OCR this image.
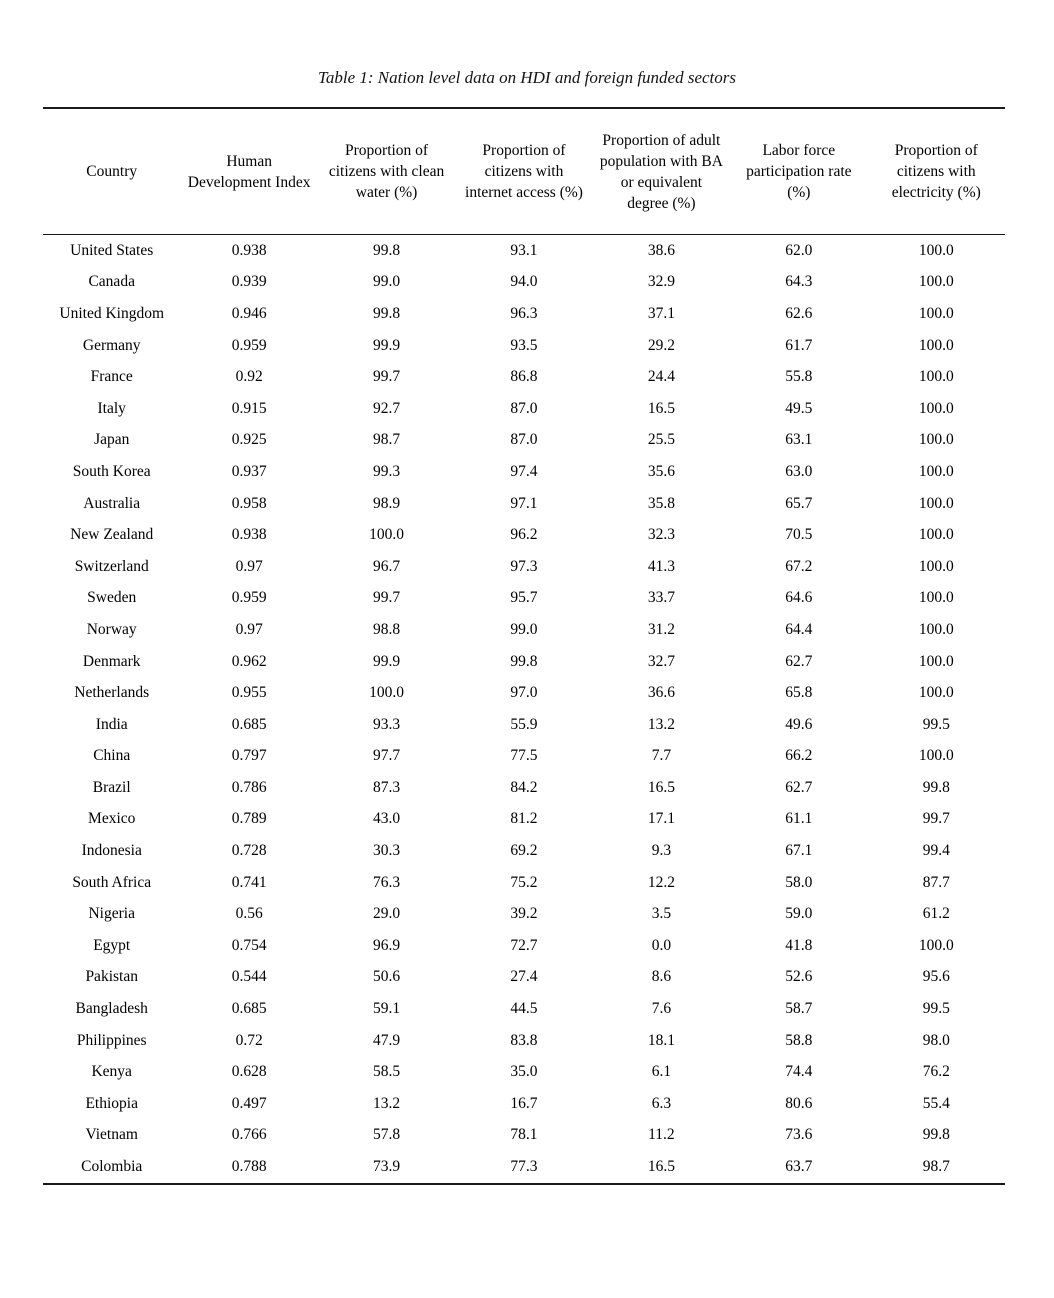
Table 1: Nation level data on HDI and foreign funded sectors
Country	Human Development Index	Proportion of citizens with clean water (%)	Proportion of citizens with internet access (%)	Proportion of adult population with BA or equivalent degree (%)	Labor force participation rate (%)	Proportion of citizens with electricity (%)
United States	0.938	99.8	93.1	38.6	62.0	100.0
Canada	0.939	99.0	94.0	32.9	64.3	100.0
United Kingdom	0.946	99.8	96.3	37.1	62.6	100.0
Germany	0.959	99.9	93.5	29.2	61.7	100.0
France	0.92	99.7	86.8	24.4	55.8	100.0
Italy	0.915	92.7	87.0	16.5	49.5	100.0
Japan	0.925	98.7	87.0	25.5	63.1	100.0
South Korea	0.937	99.3	97.4	35.6	63.0	100.0
Australia	0.958	98.9	97.1	35.8	65.7	100.0
New Zealand	0.938	100.0	96.2	32.3	70.5	100.0
Switzerland	0.97	96.7	97.3	41.3	67.2	100.0
Sweden	0.959	99.7	95.7	33.7	64.6	100.0
Norway	0.97	98.8	99.0	31.2	64.4	100.0
Denmark	0.962	99.9	99.8	32.7	62.7	100.0
Netherlands	0.955	100.0	97.0	36.6	65.8	100.0
India	0.685	93.3	55.9	13.2	49.6	99.5
China	0.797	97.7	77.5	7.7	66.2	100.0
Brazil	0.786	87.3	84.2	16.5	62.7	99.8
Mexico	0.789	43.0	81.2	17.1	61.1	99.7
Indonesia	0.728	30.3	69.2	9.3	67.1	99.4
South Africa	0.741	76.3	75.2	12.2	58.0	87.7
Nigeria	0.56	29.0	39.2	3.5	59.0	61.2
Egypt	0.754	96.9	72.7	0.0	41.8	100.0
Pakistan	0.544	50.6	27.4	8.6	52.6	95.6
Bangladesh	0.685	59.1	44.5	7.6	58.7	99.5
Philippines	0.72	47.9	83.8	18.1	58.8	98.0
Kenya	0.628	58.5	35.0	6.1	74.4	76.2
Ethiopia	0.497	13.2	16.7	6.3	80.6	55.4
Vietnam	0.766	57.8	78.1	11.2	73.6	99.8
Colombia	0.788	73.9	77.3	16.5	63.7	98.7
